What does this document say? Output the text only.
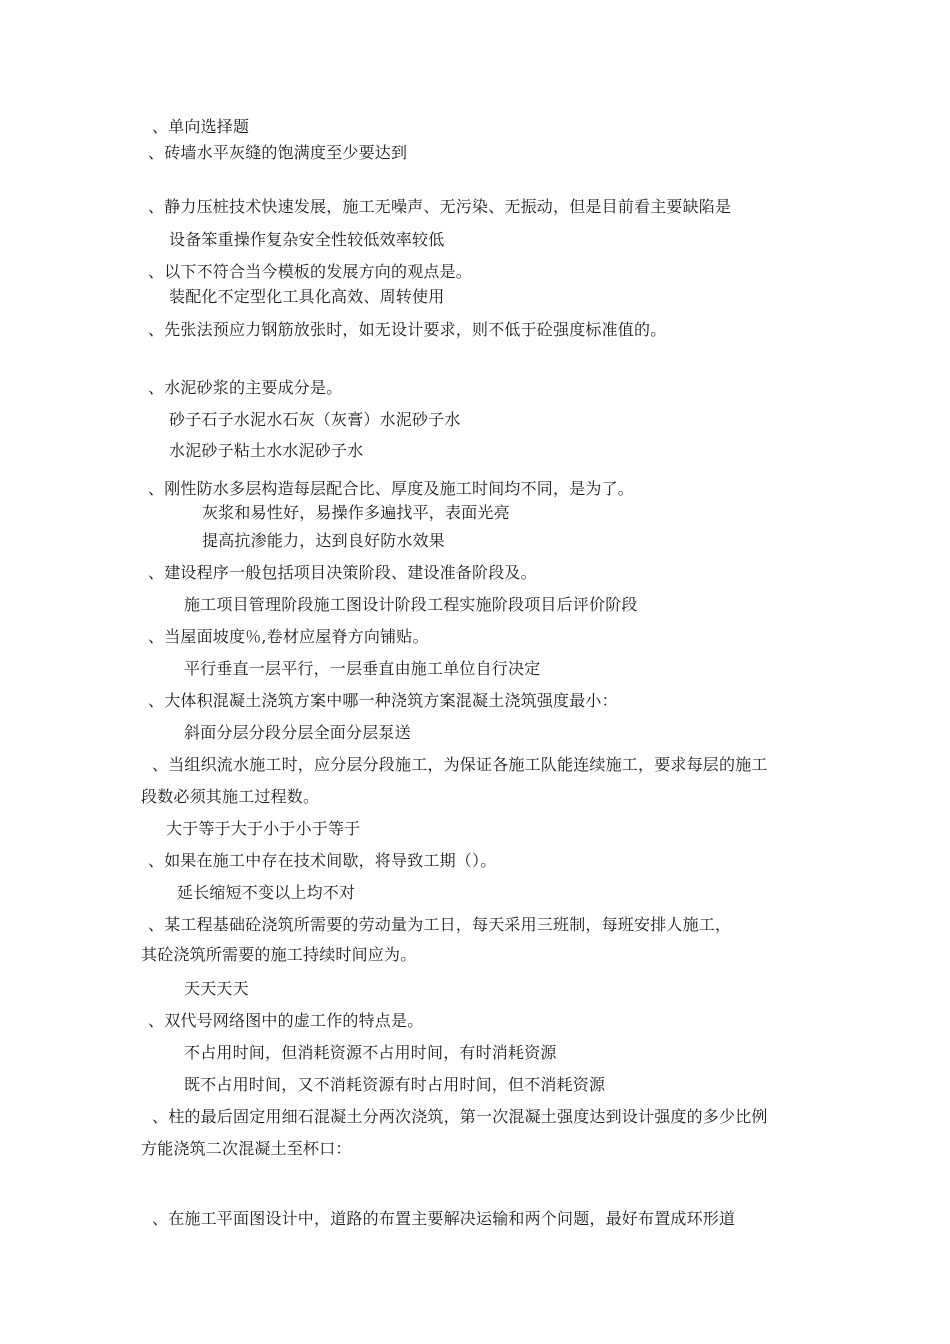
、单向选择题
、砖墙水平灰缝的饱满度至少要达到
、静力压桩技术快速发展，施工无噪声、无污染、无振动，但是目前看主要缺陷是
设备笨重操作复杂安全性较低效率较低
、以下不符合当今模板的发展方向的观点是。
装配化不定型化工具化高效、周转使用
、先张法预应力钢筋放张时，如无设计要求，则不低于砼强度标准值的。
、水泥砂浆的主要成分是。
砂子石子水泥水石灰（灰膏）水泥砂子水
水泥砂子粘土水水泥砂子水
、刚性防水多层构造每层配合比、厚度及施工时间均不同，是为了。
灰浆和易性好，易操作多遍找平，表面光亮
提高抗渗能力，达到良好防水效果
、建设程序一般包括项目决策阶段、建设准备阶段及。
施工项目管理阶段施工图设计阶段工程实施阶段项目后评价阶段
、当屋面坡度％,卷材应屋脊方向铺贴。
平行垂直一层平行，一层垂直由施工单位自行决定
、大体积混凝土浇筑方案中哪一种浇筑方案混凝土浇筑强度最小：
斜面分层分段分层全面分层泵送
、当组织流水施工时，应分层分段施工，为保证各施工队能连续施工，要求每层的施工
段数必须其施工过程数。
大于等于大于小于小于等于
、如果在施工中存在技术间歇，将导致工期（）。
延长缩短不变以上均不对
、某工程基础砼浇筑所需要的劳动量为工日，每天采用三班制，每班安排人施工，
其砼浇筑所需要的施工持续时间应为。
天天天天
、双代号网络图中的虚工作的特点是。
不占用时间，但消耗资源不占用时间，有时消耗资源
既不占用时间，又不消耗资源有时占用时间，但不消耗资源
、柱的最后固定用细石混凝土分两次浇筑，第一次混凝土强度达到设计强度的多少比例
方能浇筑二次混凝土至杯口：
、在施工平面图设计中，道路的布置主要解决运输和两个问题，最好布置成环形道
